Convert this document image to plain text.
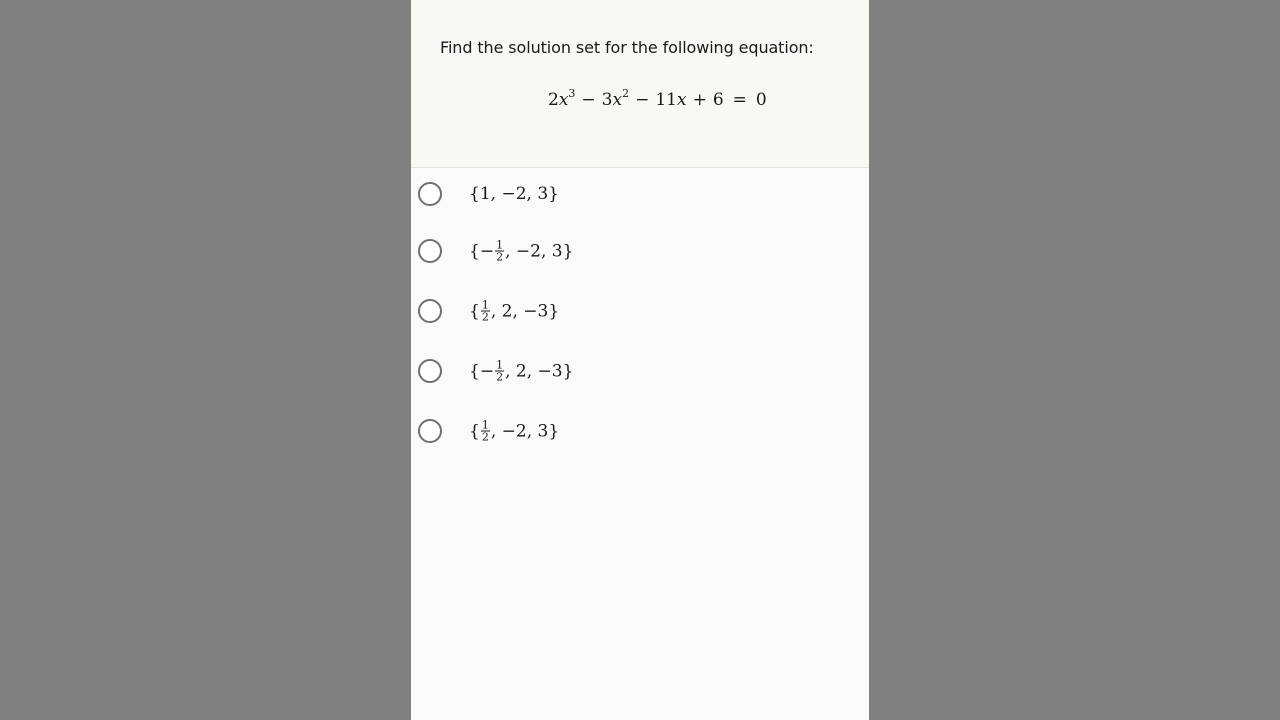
Find the solution set for the following equation:
$2x^3 - 3x^2 - 11x + 6 = 0$
{ 1, −2, 3 }
{ − $\frac{1}{2}$ , −2, 3 }
{ $\frac{1}{2}$ , 2, −3 }
{ − $\frac{1}{2}$ , 2, −3 }
{ $\frac{1}{2}$ , −2, 3 }
